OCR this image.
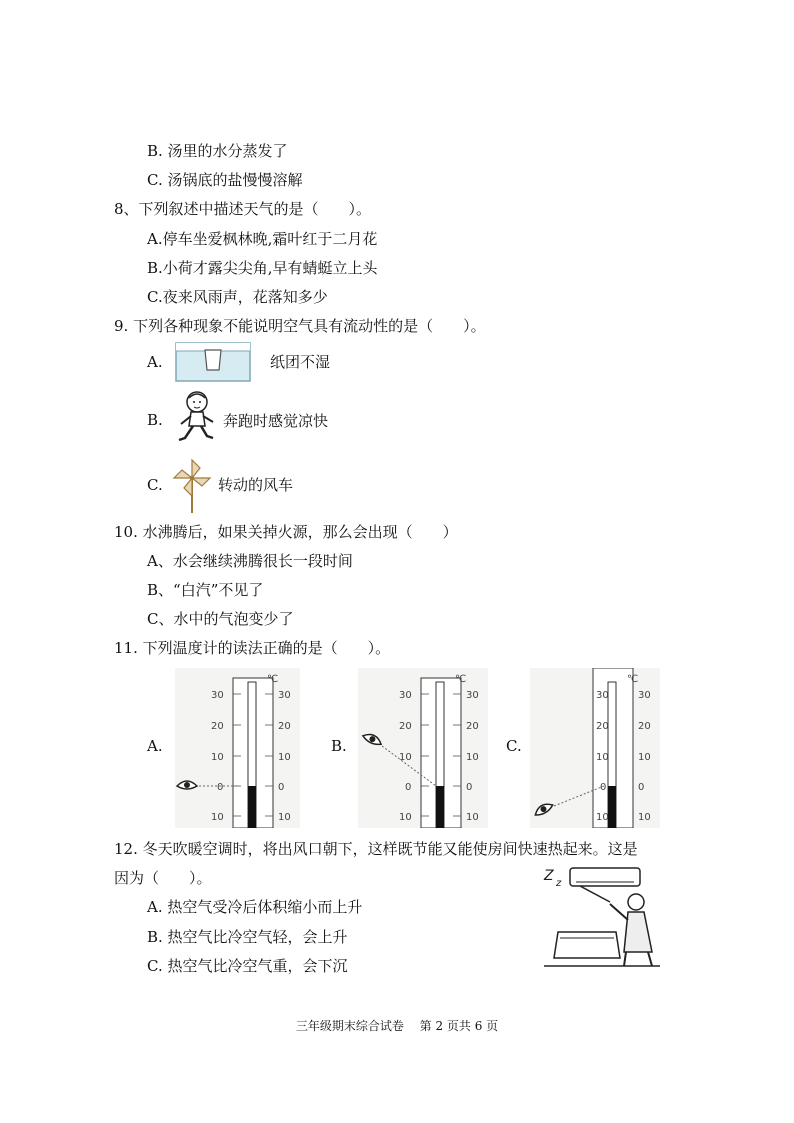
B. 汤里的水分蒸发了
C. 汤锅底的盐慢慢溶解
8、下列叙述中描述天气的是（　　）。
A.停车坐爱枫林晚,霜叶红于二月花
B.小荷才露尖尖角,早有蜻蜓立上头
C.夜来风雨声，花落知多少
9. 下列各种现象不能说明空气具有流动性的是（　　）。
A.	纸团不湿
B.	奔跑时感觉凉快
C.	转动的风车
10. 水沸腾后，如果关掉火源，那么会出现（　　）
A、水会继续沸腾很长一段时间
B、“白汽”不见了
C、水中的气泡变少了
11. 下列温度计的读法正确的是（　　）。
A.	B.	C.
℃
30	30
20	20
10	10
0	0
10	10
℃
30	30
20	20
10	10
0	0
10	10
℃
30	30
20	20
10	10
0	0
10	10
12. 冬天吹暖空调时，将出风口朝下，这样既节能又能使房间快速热起来。这是
因为（　　）。
A. 热空气受冷后体积缩小而上升
B. 热空气比冷空气轻，会上升
C. 热空气比冷空气重，会下沉
Z z
三年级期末综合试卷　 第 2 页共 6 页
